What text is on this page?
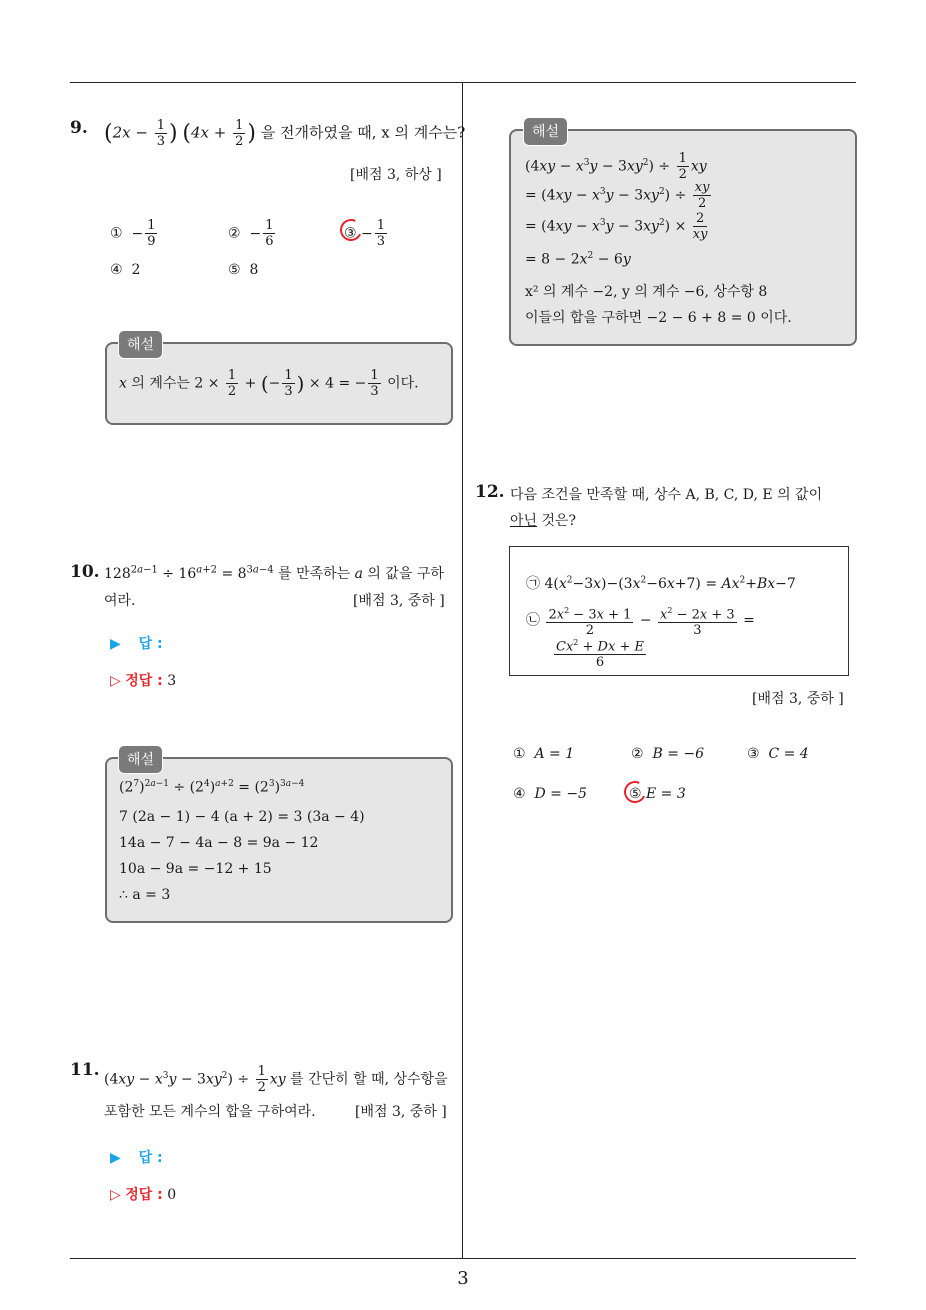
9. ($2x - \frac{1}{3}$ ) ($4x + \frac{1}{2}$ ) 을 전개하였을 때, x 의 계수는?
[배점 3, 하상 ]
① − $\frac{1}{9}$	② − $\frac{1}{6}$	③ − $\frac{1}{3}$
④ 2	⑤ 8
x 의 계수는 $2 \times \frac{1}{2}$ + (− $\frac{1}{3}$ ) × 4 = − $\frac{1}{3}$ 이다.
해설
10. $128^{2a-1} \div 16^{a+2} = 8^{3a-4}$ 를 만족하는 a 의 값을 구하
여라.	[배점 3, 중하 ]
▶ 답 :
▷ 정답 : 3
$(2^7)^{2a-1} \div (2^4)^{a+2} = (2^3)^{3a-4}$
7 (2a − 1) − 4 (a + 2) = 3 (3a − 4)
14a − 7 − 4a − 8 = 9a − 12
10a − 9a = −12 + 15
∴ a = 3
해설
11. $(4xy - x^3y - 3xy^2) \div \frac{1}{2}$ xy 를 간단히 할 때, 상수항을
포함한 모든 계수의 합을 구하여라.	[배점 3, 중하 ]
▶ 답 :
▷ 정답 : 0
$(4xy - x^3y - 3xy^2) \div \frac{1}{2}$ xy
= $(4xy - x^3y - 3xy^2) \div \frac{xy}{2}$
= $(4xy - x^3y - 3xy^2) \times \frac{2}{xy}$
= $8 - 2x^2 - 6y$
x² 의 계수 −2, y 의 계수 −6, 상수항 8
이들의 합을 구하면 −2 − 6 + 8 = 0 이다.
해설
12. 다음 조건을 만족할 때, 상수 A, B, C, D, E 의 값이
아닌 것은?
㉠ $4(x^2-3x)-(3x^2-6x+7) = Ax^2+Bx-7$
㉡ $\frac{2x^2 - 3x + 1}{2} - \frac{x^2 - 2x + 3}{3}$ =
$\frac{Cx^2 + Dx + E}{6}$
[배점 3, 중하 ]
① A = 1	② B = −6	③ C = 4
④ D = −5	⑤ E = 3
3
